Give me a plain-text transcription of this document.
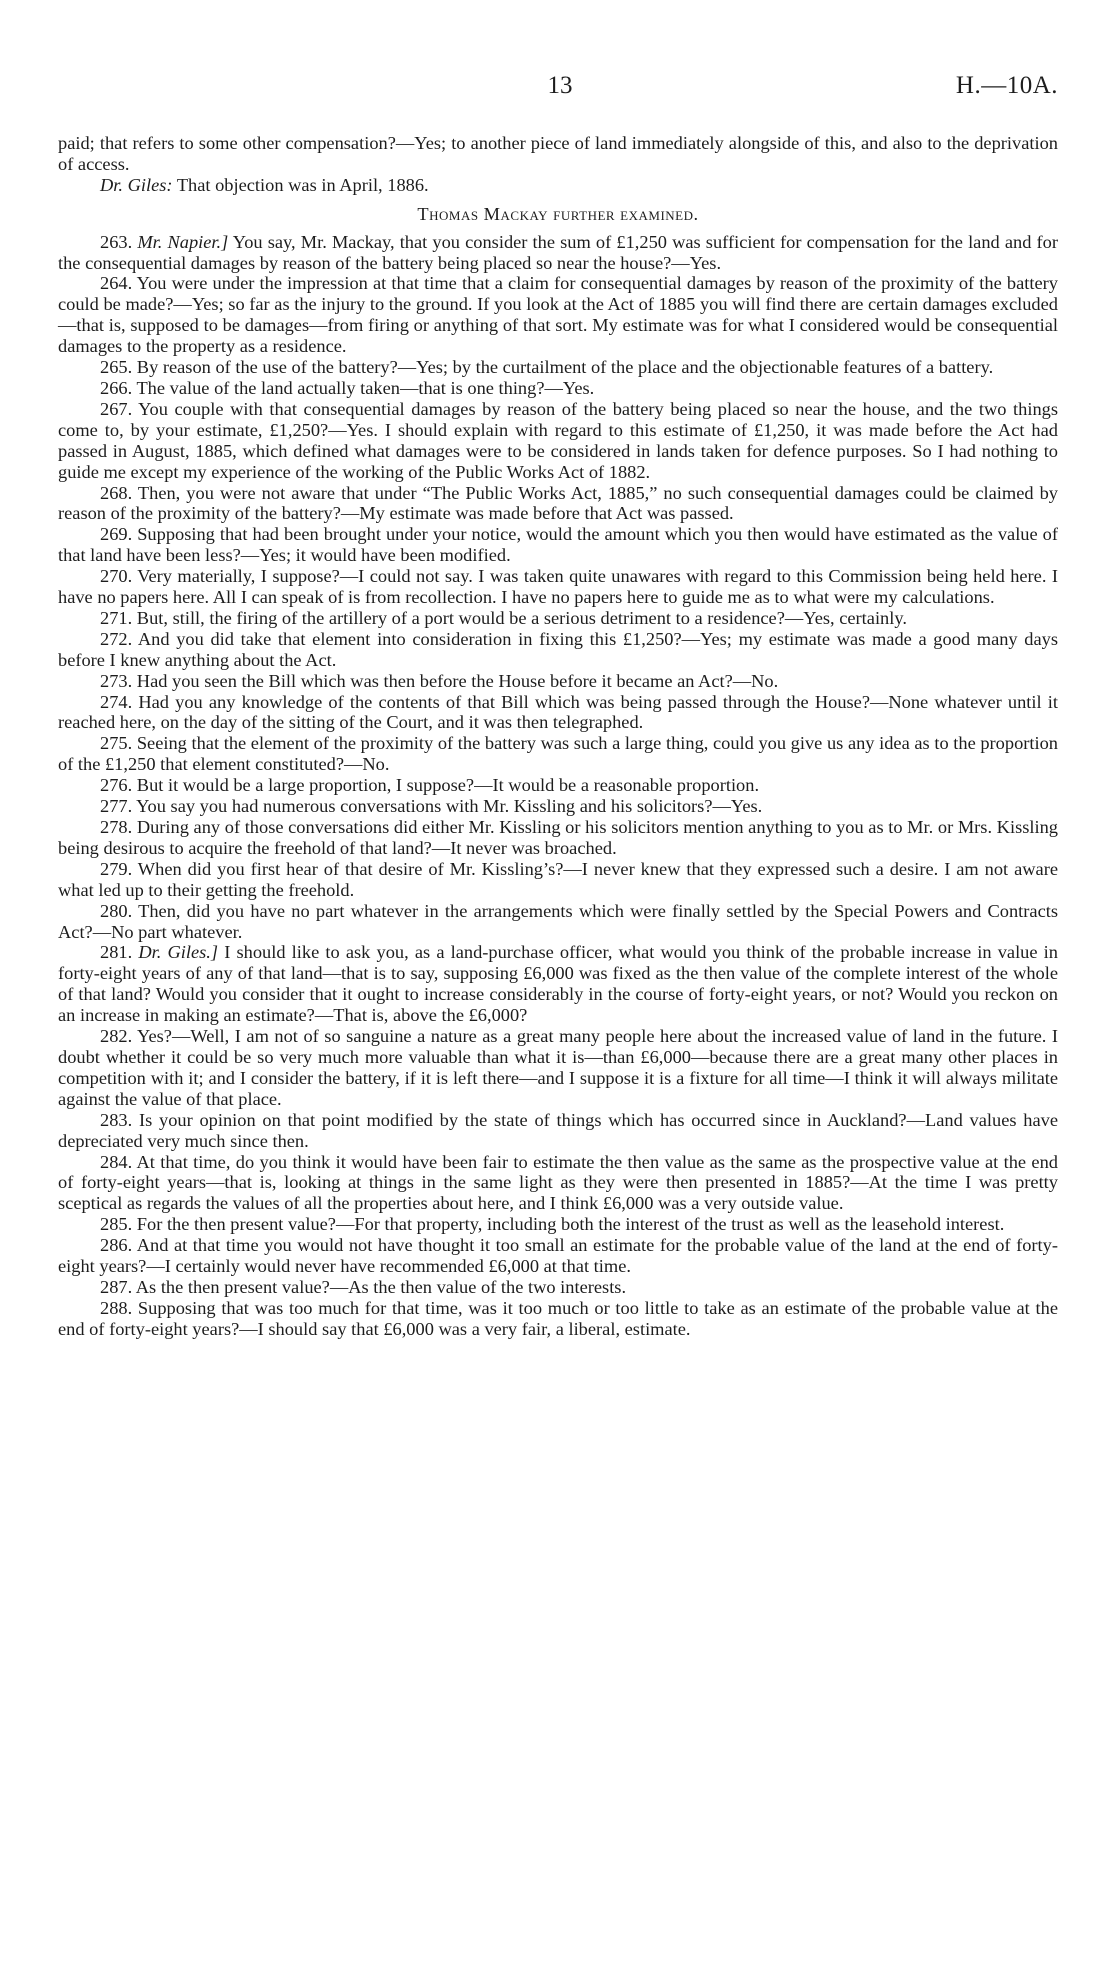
13	H.—10A.

paid; that refers to some other compensation?—Yes; to another piece of land immediately alongside of this, and also to the deprivation of access.

Dr. Giles: That objection was in April, 1886.

Thomas Mackay further examined.

263. Mr. Napier.] You say, Mr. Mackay, that you consider the sum of £1,250 was sufficient for compensation for the land and for the consequential damages by reason of the battery being placed so near the house?—Yes.

264. You were under the impression at that time that a claim for consequential damages by reason of the proximity of the battery could be made?—Yes; so far as the injury to the ground. If you look at the Act of 1885 you will find there are certain damages excluded—that is, supposed to be damages—from firing or anything of that sort. My estimate was for what I considered would be consequential damages to the property as a residence.

265. By reason of the use of the battery?—Yes; by the curtailment of the place and the objectionable features of a battery.

266. The value of the land actually taken—that is one thing?—Yes.

267. You couple with that consequential damages by reason of the battery being placed so near the house, and the two things come to, by your estimate, £1,250?—Yes. I should explain with regard to this estimate of £1,250, it was made before the Act had passed in August, 1885, which defined what damages were to be considered in lands taken for defence purposes. So I had nothing to guide me except my experience of the working of the Public Works Act of 1882.

268. Then, you were not aware that under “The Public Works Act, 1885,” no such consequential damages could be claimed by reason of the proximity of the battery?—My estimate was made before that Act was passed.

269. Supposing that had been brought under your notice, would the amount which you then would have estimated as the value of that land have been less?—Yes; it would have been modified.

270. Very materially, I suppose?—I could not say. I was taken quite unawares with regard to this Commission being held here. I have no papers here. All I can speak of is from recollection. I have no papers here to guide me as to what were my calculations.

271. But, still, the firing of the artillery of a port would be a serious detriment to a residence?—Yes, certainly.

272. And you did take that element into consideration in fixing this £1,250?—Yes; my estimate was made a good many days before I knew anything about the Act.

273. Had you seen the Bill which was then before the House before it became an Act?—No.

274. Had you any knowledge of the contents of that Bill which was being passed through the House?—None whatever until it reached here, on the day of the sitting of the Court, and it was then telegraphed.

275. Seeing that the element of the proximity of the battery was such a large thing, could you give us any idea as to the proportion of the £1,250 that element constituted?—No.

276. But it would be a large proportion, I suppose?—It would be a reasonable proportion.

277. You say you had numerous conversations with Mr. Kissling and his solicitors?—Yes.

278. During any of those conversations did either Mr. Kissling or his solicitors mention anything to you as to Mr. or Mrs. Kissling being desirous to acquire the freehold of that land?—It never was broached.

279. When did you first hear of that desire of Mr. Kissling’s?—I never knew that they expressed such a desire. I am not aware what led up to their getting the freehold.

280. Then, did you have no part whatever in the arrangements which were finally settled by the Special Powers and Contracts Act?—No part whatever.

281. Dr. Giles.] I should like to ask you, as a land-purchase officer, what would you think of the probable increase in value in forty-eight years of any of that land—that is to say, supposing £6,000 was fixed as the then value of the complete interest of the whole of that land? Would you consider that it ought to increase considerably in the course of forty-eight years, or not? Would you reckon on an increase in making an estimate?—That is, above the £6,000?

282. Yes?—Well, I am not of so sanguine a nature as a great many people here about the increased value of land in the future. I doubt whether it could be so very much more valuable than what it is—than £6,000—because there are a great many other places in competition with it; and I consider the battery, if it is left there—and I suppose it is a fixture for all time—I think it will always militate against the value of that place.

283. Is your opinion on that point modified by the state of things which has occurred since in Auckland?—Land values have depreciated very much since then.

284. At that time, do you think it would have been fair to estimate the then value as the same as the prospective value at the end of forty-eight years—that is, looking at things in the same light as they were then presented in 1885?—At the time I was pretty sceptical as regards the values of all the properties about here, and I think £6,000 was a very outside value.

285. For the then present value?—For that property, including both the interest of the trust as well as the leasehold interest.

286. And at that time you would not have thought it too small an estimate for the probable value of the land at the end of forty-eight years?—I certainly would never have recommended £6,000 at that time.

287. As the then present value?—As the then value of the two interests.

288. Supposing that was too much for that time, was it too much or too little to take as an estimate of the probable value at the end of forty-eight years?—I should say that £6,000 was a very fair, a liberal, estimate.
